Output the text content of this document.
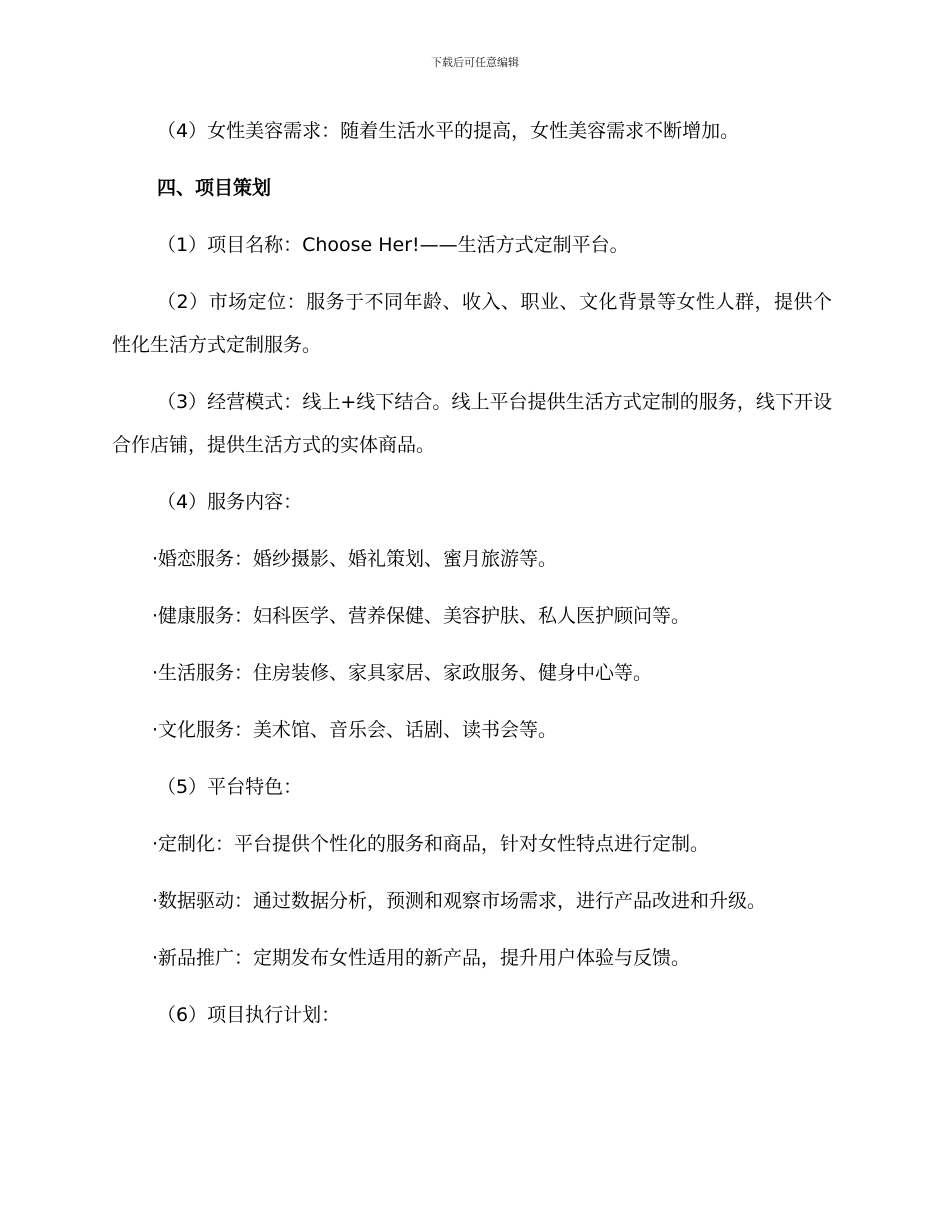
下载后可任意编辑

（4）女性美容需求：随着生活水平的提高，女性美容需求不断增加。

四、项目策划

（1）项目名称：Choose Her!——生活方式定制平台。

（2）市场定位：服务于不同年龄、收入、职业、文化背景等女性人群，提供个性化生活方式定制服务。

（3）经营模式：线上+线下结合。线上平台提供生活方式定制的服务，线下开设合作店铺，提供生活方式的实体商品。

（4）服务内容：

·婚恋服务：婚纱摄影、婚礼策划、蜜月旅游等。

·健康服务：妇科医学、营养保健、美容护肤、私人医护顾问等。

·生活服务：住房装修、家具家居、家政服务、健身中心等。

·文化服务：美术馆、音乐会、话剧、读书会等。

（5）平台特色：

·定制化：平台提供个性化的服务和商品，针对女性特点进行定制。

·数据驱动：通过数据分析，预测和观察市场需求，进行产品改进和升级。

·新品推广：定期发布女性适用的新产品，提升用户体验与反馈。

（6）项目执行计划：
